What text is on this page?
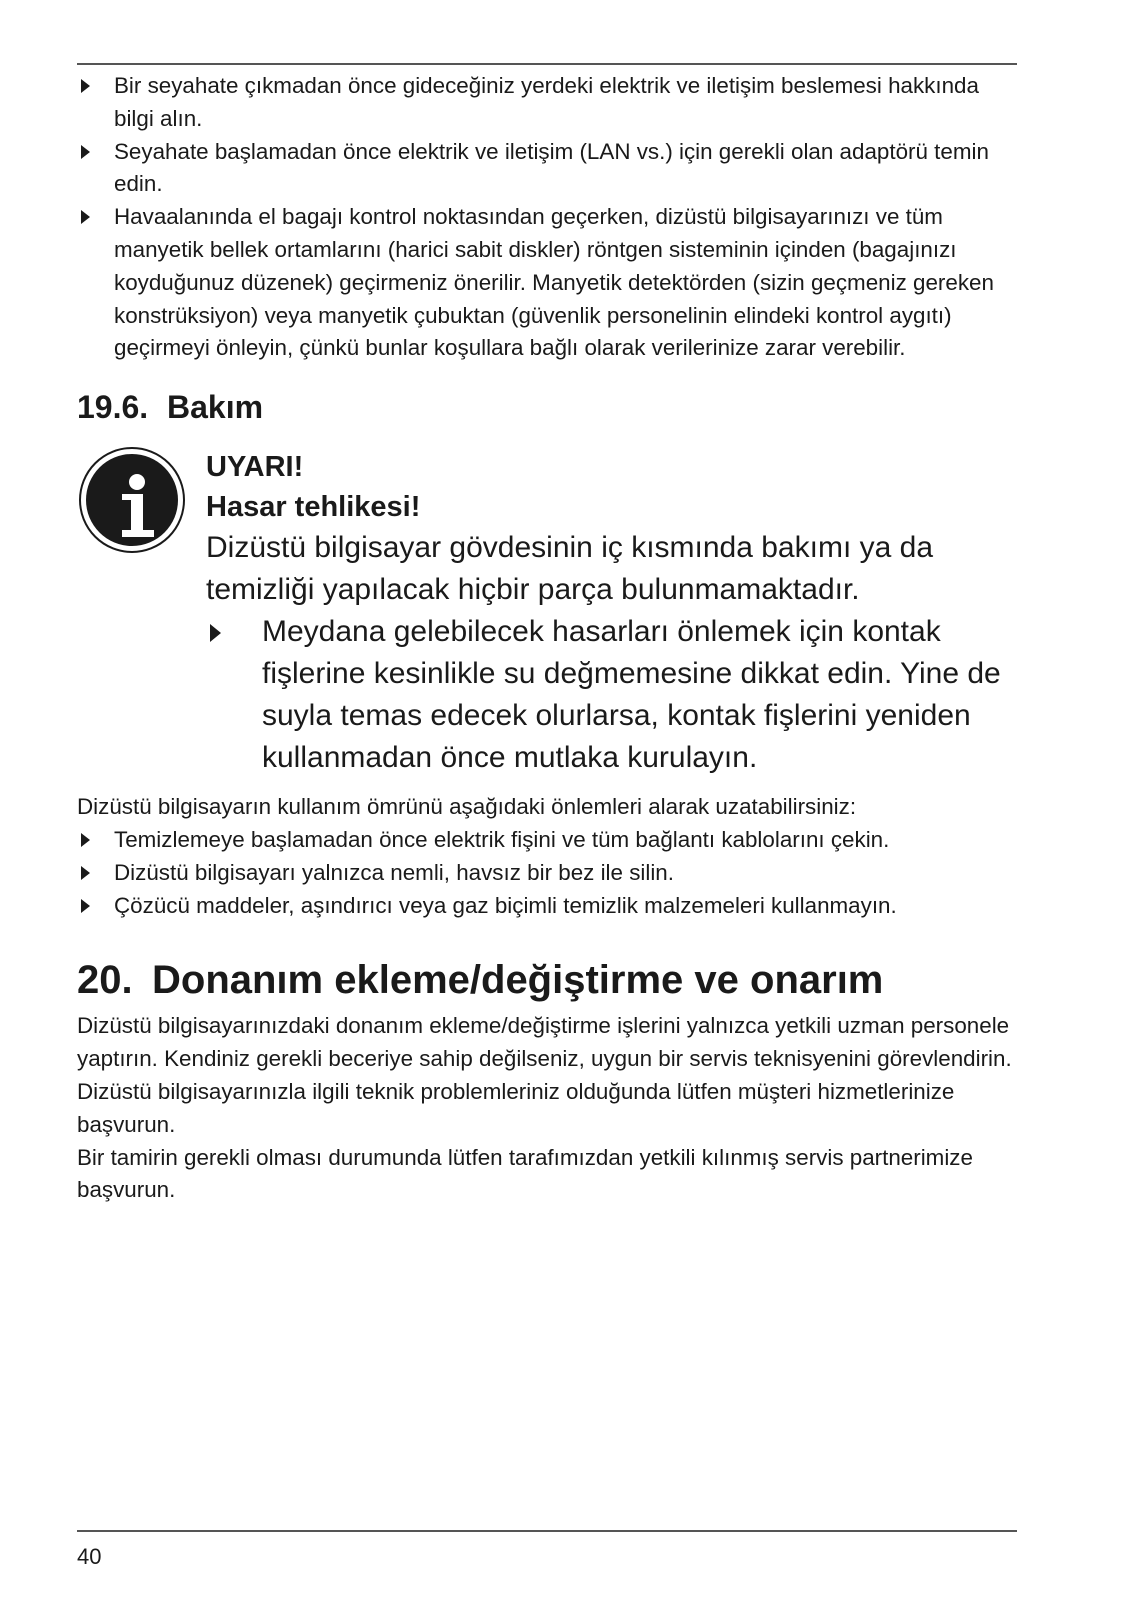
Bir seyahate çıkmadan önce gideceğiniz yerdeki elektrik ve iletişim beslemesi hakkında bilgi alın.
Seyahate başlamadan önce elektrik ve iletişim (LAN vs.) için gerekli olan adaptörü temin edin.
Havaalanında el bagajı kontrol noktasından geçerken, dizüstü bilgisayarınızı ve tüm manyetik bellek ortamlarını (harici sabit diskler) röntgen sisteminin içinden (bagajınızı koyduğunuz düzenek) geçirmeniz önerilir. Manyetik detektörden (sizin geçmeniz gereken konstrüksiyon) veya manyetik çubuktan (güvenlik personelinin elindeki kontrol aygıtı) geçirmeyi önleyin, çünkü bunlar koşullara bağlı olarak verilerinize zarar verebilir.
19.6. Bakım
UYARI!
Hasar tehlikesi!

Dizüstü bilgisayar gövdesinin iç kısmında bakımı ya da temizliği yapılacak hiçbir parça bulunmamaktadır.

Meydana gelebilecek hasarları önlemek için kontak fişlerine kesinlikle su değmemesine dikkat edin. Yine de suyla temas edecek olurlarsa, kontak fişlerini yeniden kullanmadan önce mutlaka kurulayın.

Dizüstü bilgisayarın kullanım ömrünü aşağıdaki önlemleri alarak uzatabilirsiniz:

Temizlemeye başlamadan önce elektrik fişini ve tüm bağlantı kablolarını çekin.
Dizüstü bilgisayarı yalnızca nemli, havsız bir bez ile silin.
Çözücü maddeler, aşındırıcı veya gaz biçimli temizlik malzemeleri kullanmayın.
20. Donanım ekleme/değiştirme ve onarım

Dizüstü bilgisayarınızdaki donanım ekleme/değiştirme işlerini yalnızca yetkili uzman personele yaptırın. Kendiniz gerekli beceriye sahip değilseniz, uygun bir servis teknisyenini görevlendirin. Dizüstü bilgisayarınızla ilgili teknik problemleriniz olduğunda lütfen müşteri hizmetlerinize başvurun.

Bir tamirin gerekli olması durumunda lütfen tarafımızdan yetkili kılınmış servis partnerimize başvurun.

40
